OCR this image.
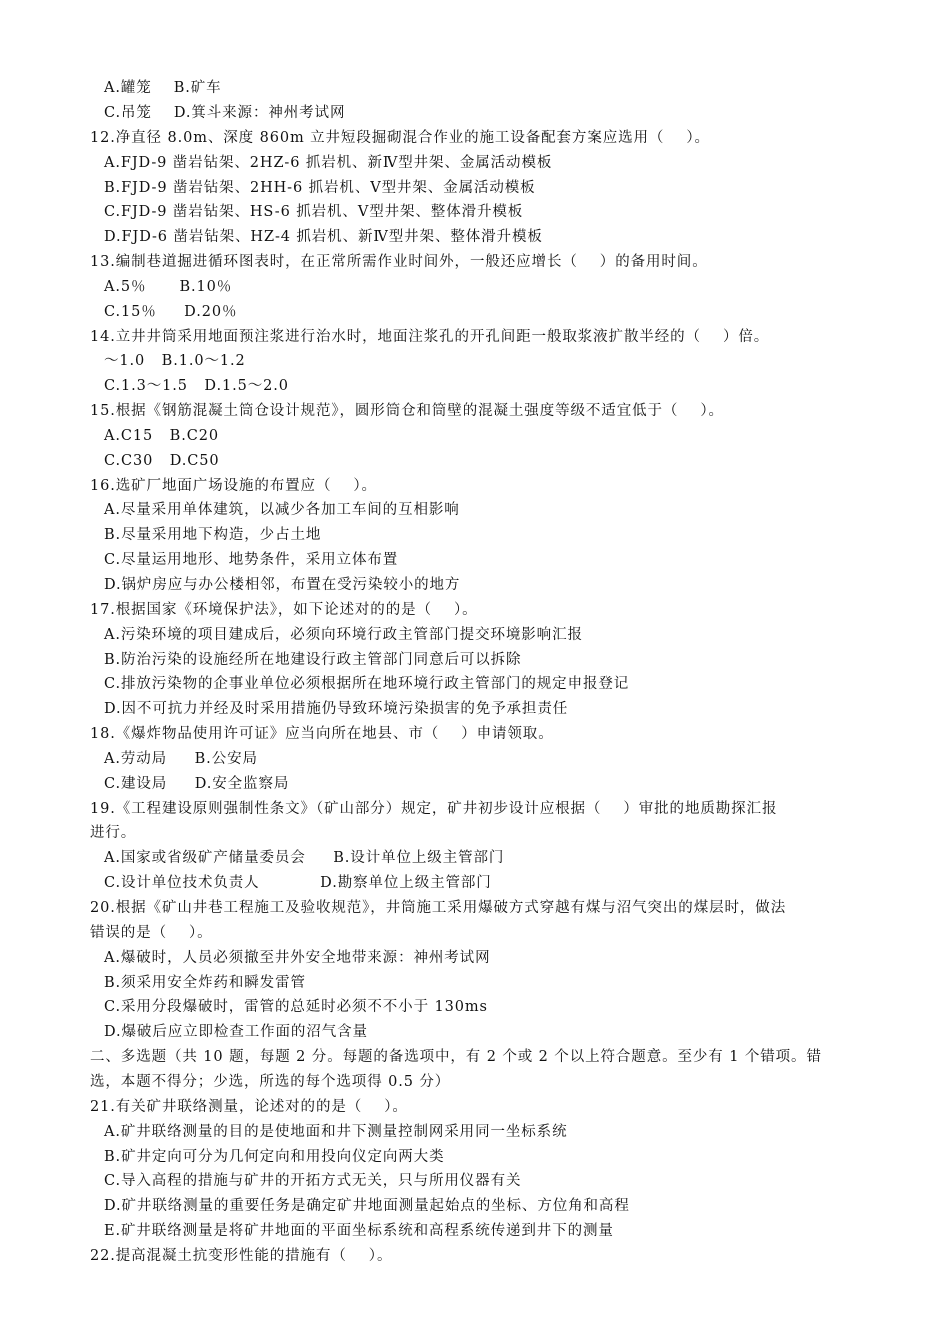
A.罐笼    B.矿车
C.吊笼    D.箕斗来源：神州考试网
12.净直径 8.0m、深度 860m 立井短段掘砌混合作业的施工设备配套方案应选用（    ）。
A.FJD-9 凿岩钻架、2HZ-6 抓岩机、新Ⅳ型井架、金属活动模板
B.FJD-9 凿岩钻架、2HH-6 抓岩机、Ⅴ型井架、金属活动模板
C.FJD-9 凿岩钻架、HS-6 抓岩机、Ⅴ型井架、整体滑升模板
D.FJD-6 凿岩钻架、HZ-4 抓岩机、新Ⅳ型井架、整体滑升模板
13.编制巷道掘进循环图表时，在正常所需作业时间外，一般还应增长（    ）的备用时间。
A.5％      B.10％
C.15％     D.20％
14.立井井筒采用地面预注浆进行治水时，地面注浆孔的开孔间距一般取浆液扩散半经的（    ）倍。
～1.0   B.1.0～1.2
C.1.3～1.5   D.1.5～2.0
15.根据《钢筋混凝土筒仓设计规范》，圆形筒仓和筒壁的混凝土强度等级不适宜低于（    ）。
A.C15   B.C20
C.C30   D.C50
16.选矿厂地面广场设施的布置应（    ）。
A.尽量采用单体建筑，以减少各加工车间的互相影响
B.尽量采用地下构造，少占土地
C.尽量运用地形、地势条件，采用立体布置
D.锅炉房应与办公楼相邻，布置在受污染较小的地方
17.根据国家《环境保护法》，如下论述对的的是（    ）。
A.污染环境的项目建成后，必须向环境行政主管部门提交环境影响汇报
B.防治污染的设施经所在地建设行政主管部门同意后可以拆除
C.排放污染物的企事业单位必须根据所在地环境行政主管部门的规定申报登记
D.因不可抗力并经及时采用措施仍导致环境污染损害的免予承担责任
18.《爆炸物品使用许可证》应当向所在地县、市（    ）申请领取。
A.劳动局     B.公安局
C.建设局     D.安全监察局
19.《工程建设原则强制性条文》（矿山部分）规定，矿井初步设计应根据（    ）审批的地质勘探汇报
进行。
A.国家或省级矿产储量委员会     B.设计单位上级主管部门
C.设计单位技术负责人           D.勘察单位上级主管部门
20.根据《矿山井巷工程施工及验收规范》，井筒施工采用爆破方式穿越有煤与沼气突出的煤层时，做法
错误的是（    ）。
A.爆破时，人员必须撤至井外安全地带来源：神州考试网
B.须采用安全炸药和瞬发雷管
C.采用分段爆破时，雷管的总延时必须不不小于 130ms
D.爆破后应立即检查工作面的沼气含量
二、多选题（共 10 题，每题 2 分。每题的备选项中，有 2 个或 2 个以上符合题意。至少有 1 个错项。错
选，本题不得分；少选，所选的每个选项得 0.5 分）
21.有关矿井联络测量，论述对的的是（    ）。
A.矿井联络测量的目的是使地面和井下测量控制网采用同一坐标系统
B.矿井定向可分为几何定向和用投向仪定向两大类
C.导入高程的措施与矿井的开拓方式无关，只与所用仪器有关
D.矿井联络测量的重要任务是确定矿井地面测量起始点的坐标、方位角和高程
E.矿井联络测量是将矿井地面的平面坐标系统和高程系统传递到井下的测量
22.提高混凝土抗变形性能的措施有（    ）。
